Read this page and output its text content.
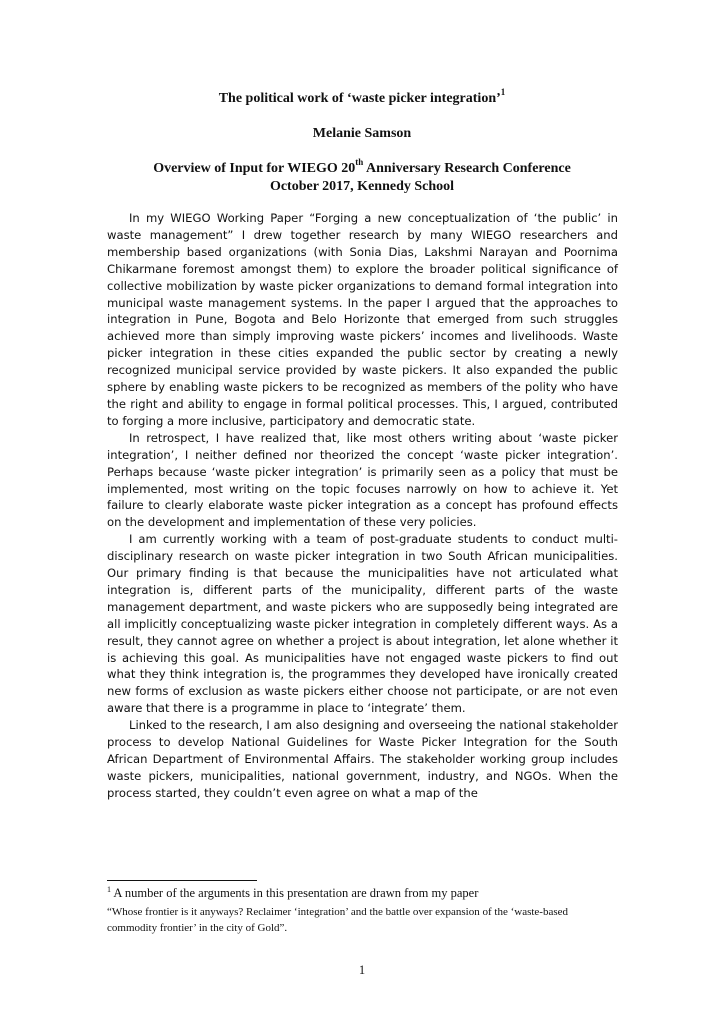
The political work of ‘waste picker integration’$^1$

Melanie Samson

Overview of Input for WIEGO 20th Anniversary Research Conference

October 2017, Kennedy School

In my WIEGO Working Paper “Forging a new conceptualization of ‘the public’ in waste management” I drew together research by many WIEGO researchers and membership based organizations (with Sonia Dias, Lakshmi Narayan and Poornima Chikarmane foremost amongst them) to explore the broader political significance of collective mobilization by waste picker organizations to demand formal integration into municipal waste management systems. In the paper I argued that the approaches to integration in Pune, Bogota and Belo Horizonte that emerged from such struggles achieved more than simply improving waste pickers’ incomes and livelihoods. Waste picker integration in these cities expanded the public sector by creating a newly recognized municipal service provided by waste pickers. It also expanded the public sphere by enabling waste pickers to be recognized as members of the polity who have the right and ability to engage in formal political processes. This, I argued, contributed to forging a more inclusive, participatory and democratic state.

In retrospect, I have realized that, like most others writing about ‘waste picker integration’, I neither defined nor theorized the concept ‘waste picker integration’. Perhaps because ‘waste picker integration’ is primarily seen as a policy that must be implemented, most writing on the topic focuses narrowly on how to achieve it. Yet failure to clearly elaborate waste picker integration as a concept has profound effects on the development and implementation of these very policies.

I am currently working with a team of post-graduate students to conduct multi-disciplinary research on waste picker integration in two South African municipalities. Our primary finding is that because the municipalities have not articulated what integration is, different parts of the municipality, different parts of the waste management department, and waste pickers who are supposedly being integrated are all implicitly conceptualizing waste picker integration in completely different ways. As a result, they cannot agree on whether a project is about integration, let alone whether it is achieving this goal. As municipalities have not engaged waste pickers to find out what they think integration is, the programmes they developed have ironically created new forms of exclusion as waste pickers either choose not participate, or are not even aware that there is a programme in place to ‘integrate’ them.

Linked to the research, I am also designing and overseeing the national stakeholder process to develop National Guidelines for Waste Picker Integration for the South African Department of Environmental Affairs. The stakeholder working group includes waste pickers, municipalities, national government, industry, and NGOs. When the process started, they couldn’t even agree on what a map of the

$^1$ A number of the arguments in this presentation are drawn from my paper

“Whose frontier is it anyways? Reclaimer ‘integration’ and the battle over expansion of the ‘waste-based commodity frontier’ in the city of Gold”.

1
